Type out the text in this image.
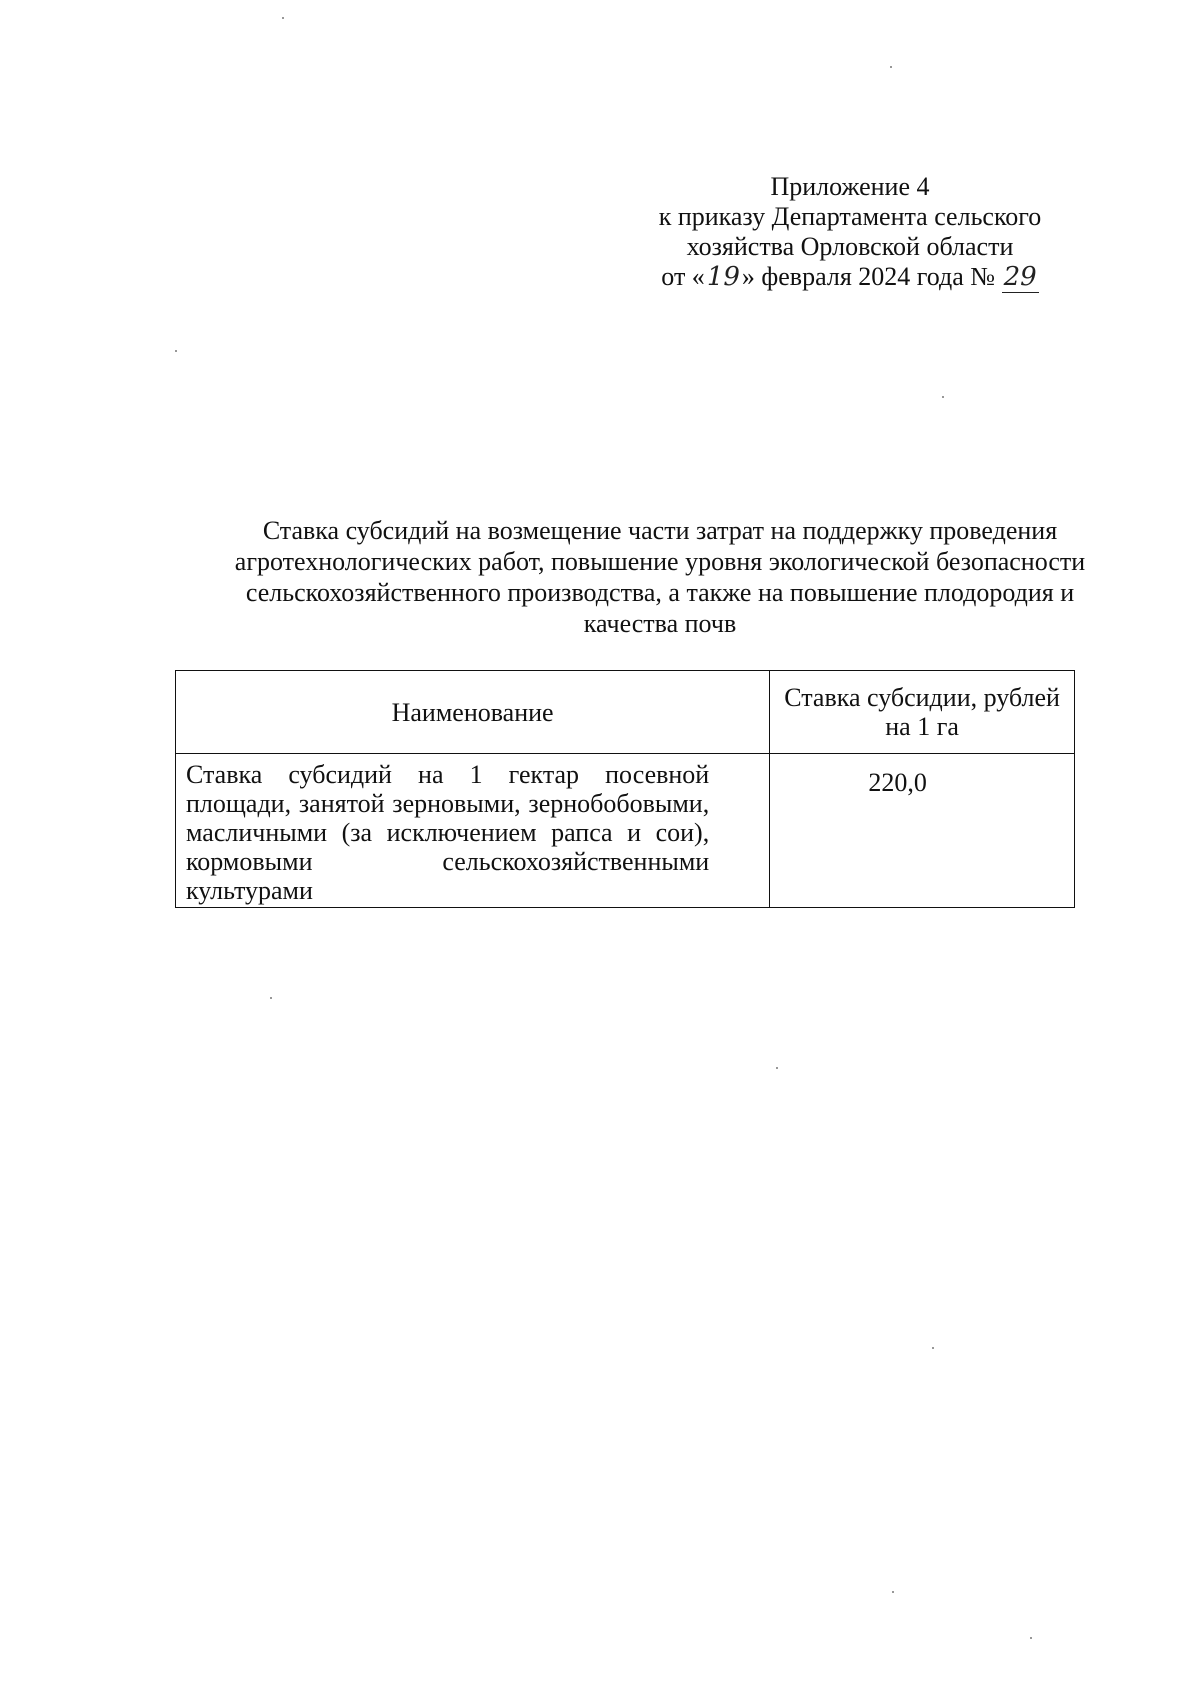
Приложение 4
к приказу Департамента сельского
хозяйства Орловской области
от «19» февраля 2024 года № 29
Ставка субсидий на возмещение части затрат на поддержку проведения
агротехнологических работ, повышение уровня экологической безопасности
сельскохозяйственного производства, а также на повышение плодородия и
качества почв
Наименование	Ставка субсидии, рублей на 1 га
Ставка субсидий на 1 гектар посевной площади, занятой зерновыми, зернобобовыми, масличными (за исключением рапса и сои), кормовыми сельскохозяйственными культурами	220,0
